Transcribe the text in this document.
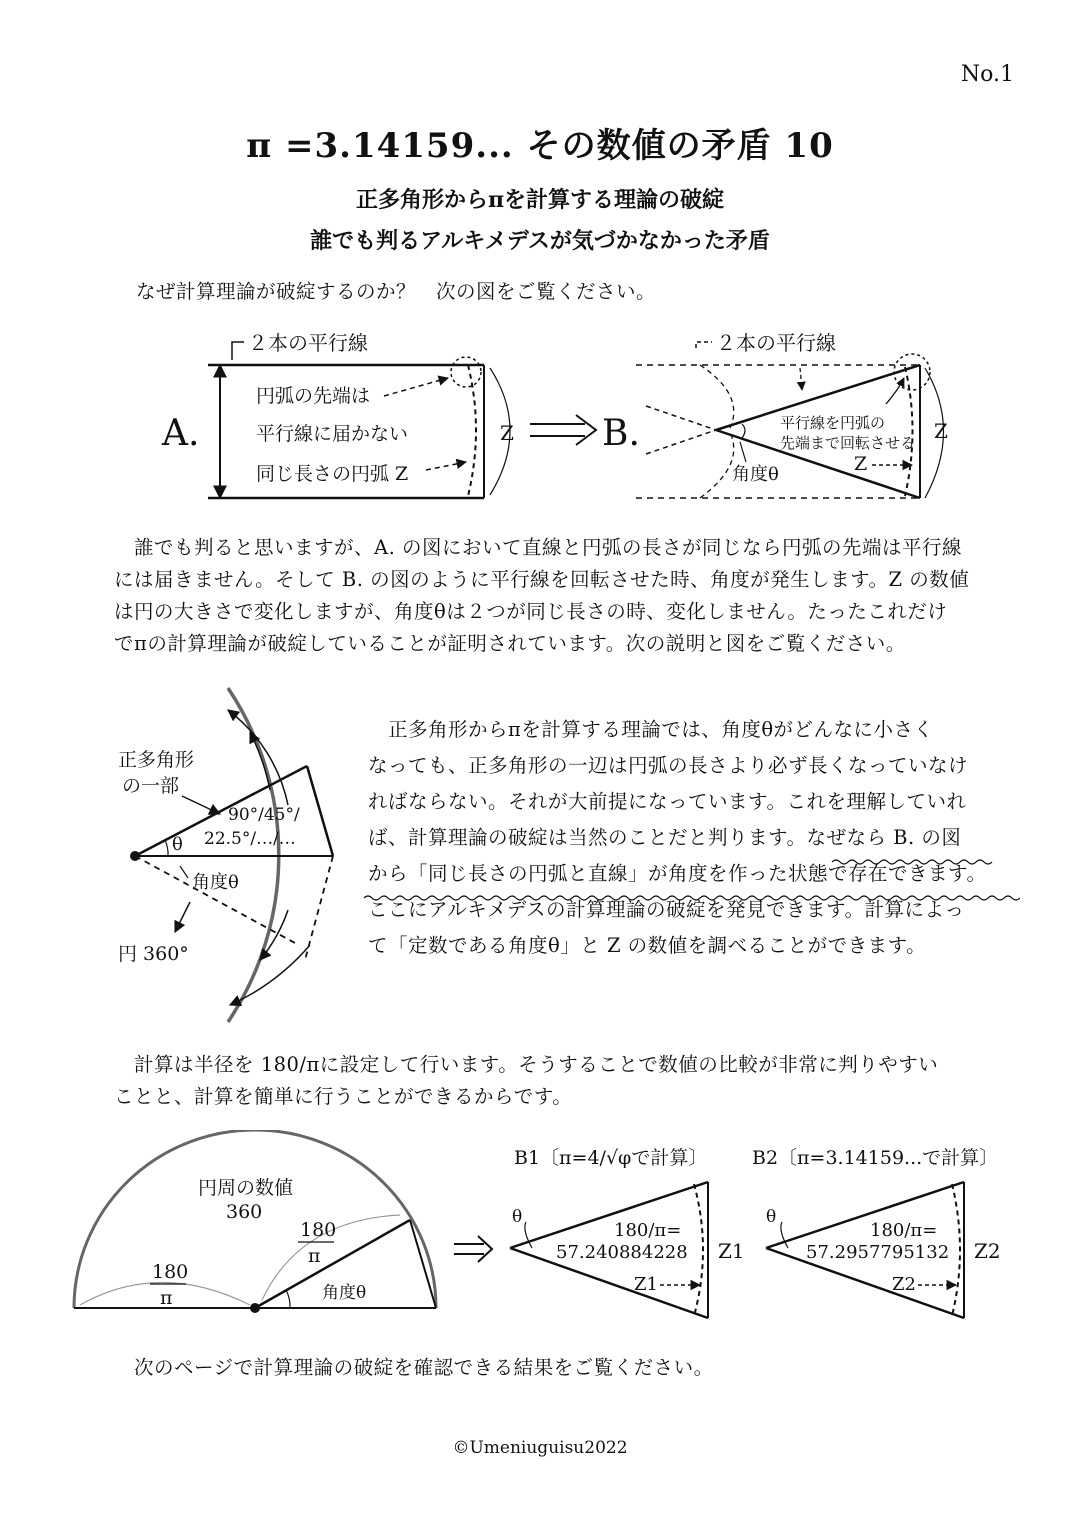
No.1
π =3.14159... その数値の矛盾 10
正多角形からπを計算する理論の破綻
誰でも判るアルキメデスが気づかなかった矛盾
なぜ計算理論が破綻するのか？　次の図をご覧ください。
A.
２本の平行線
Z
円弧の先端は
平行線に届かない
同じ長さの円弧 Z
B.
２本の平行線
Z
平行線を円弧の
先端まで回転させる
Z
角度θ

誰でも判ると思いますが、A. の図において直線と円弧の長さが同じなら円弧の先端は平行線

には届きません。そして B. の図のように平行線を回転させた時、角度が発生します。Z の数値

は円の大きさで変化しますが、角度θは２つが同じ長さの時、変化しません。たったこれだけ

でπの計算理論が破綻していることが証明されています。次の説明と図をご覧ください。

θ
正多角形
の一部
90°/45°/
22.5°/…/…
角度θ
円 360°

正多角形からπを計算する理論では、角度θがどんなに小さく

なっても、正多角形の一辺は円弧の長さより必ず長くなっていなけ

ればならない。それが大前提になっています。これを理解していれ

ば、計算理論の破綻は当然のことだと判ります。なぜなら B. の図

から「同じ長さの円弧と直線」が角度を作った状態で存在できます。

ここにアルキメデスの計算理論の破綻を発見できます。計算によっ

て「定数である角度θ」と Z の数値を調べることができます。

計算は半径を 180/πに設定して行います。そうすることで数値の比較が非常に判りやすい

ことと、計算を簡単に行うことができるからです。

円周の数値
360
180
π
180
π
角度θ
B1〔π=4/√φで計算〕
θ
180/π=
57.240884228 Z1
Z1
B2〔π=3.14159...で計算〕
θ
180/π=
57.2957795132 Z2
Z2
次のページで計算理論の破綻を確認できる結果をご覧ください。
©Umeniuguisu2022
